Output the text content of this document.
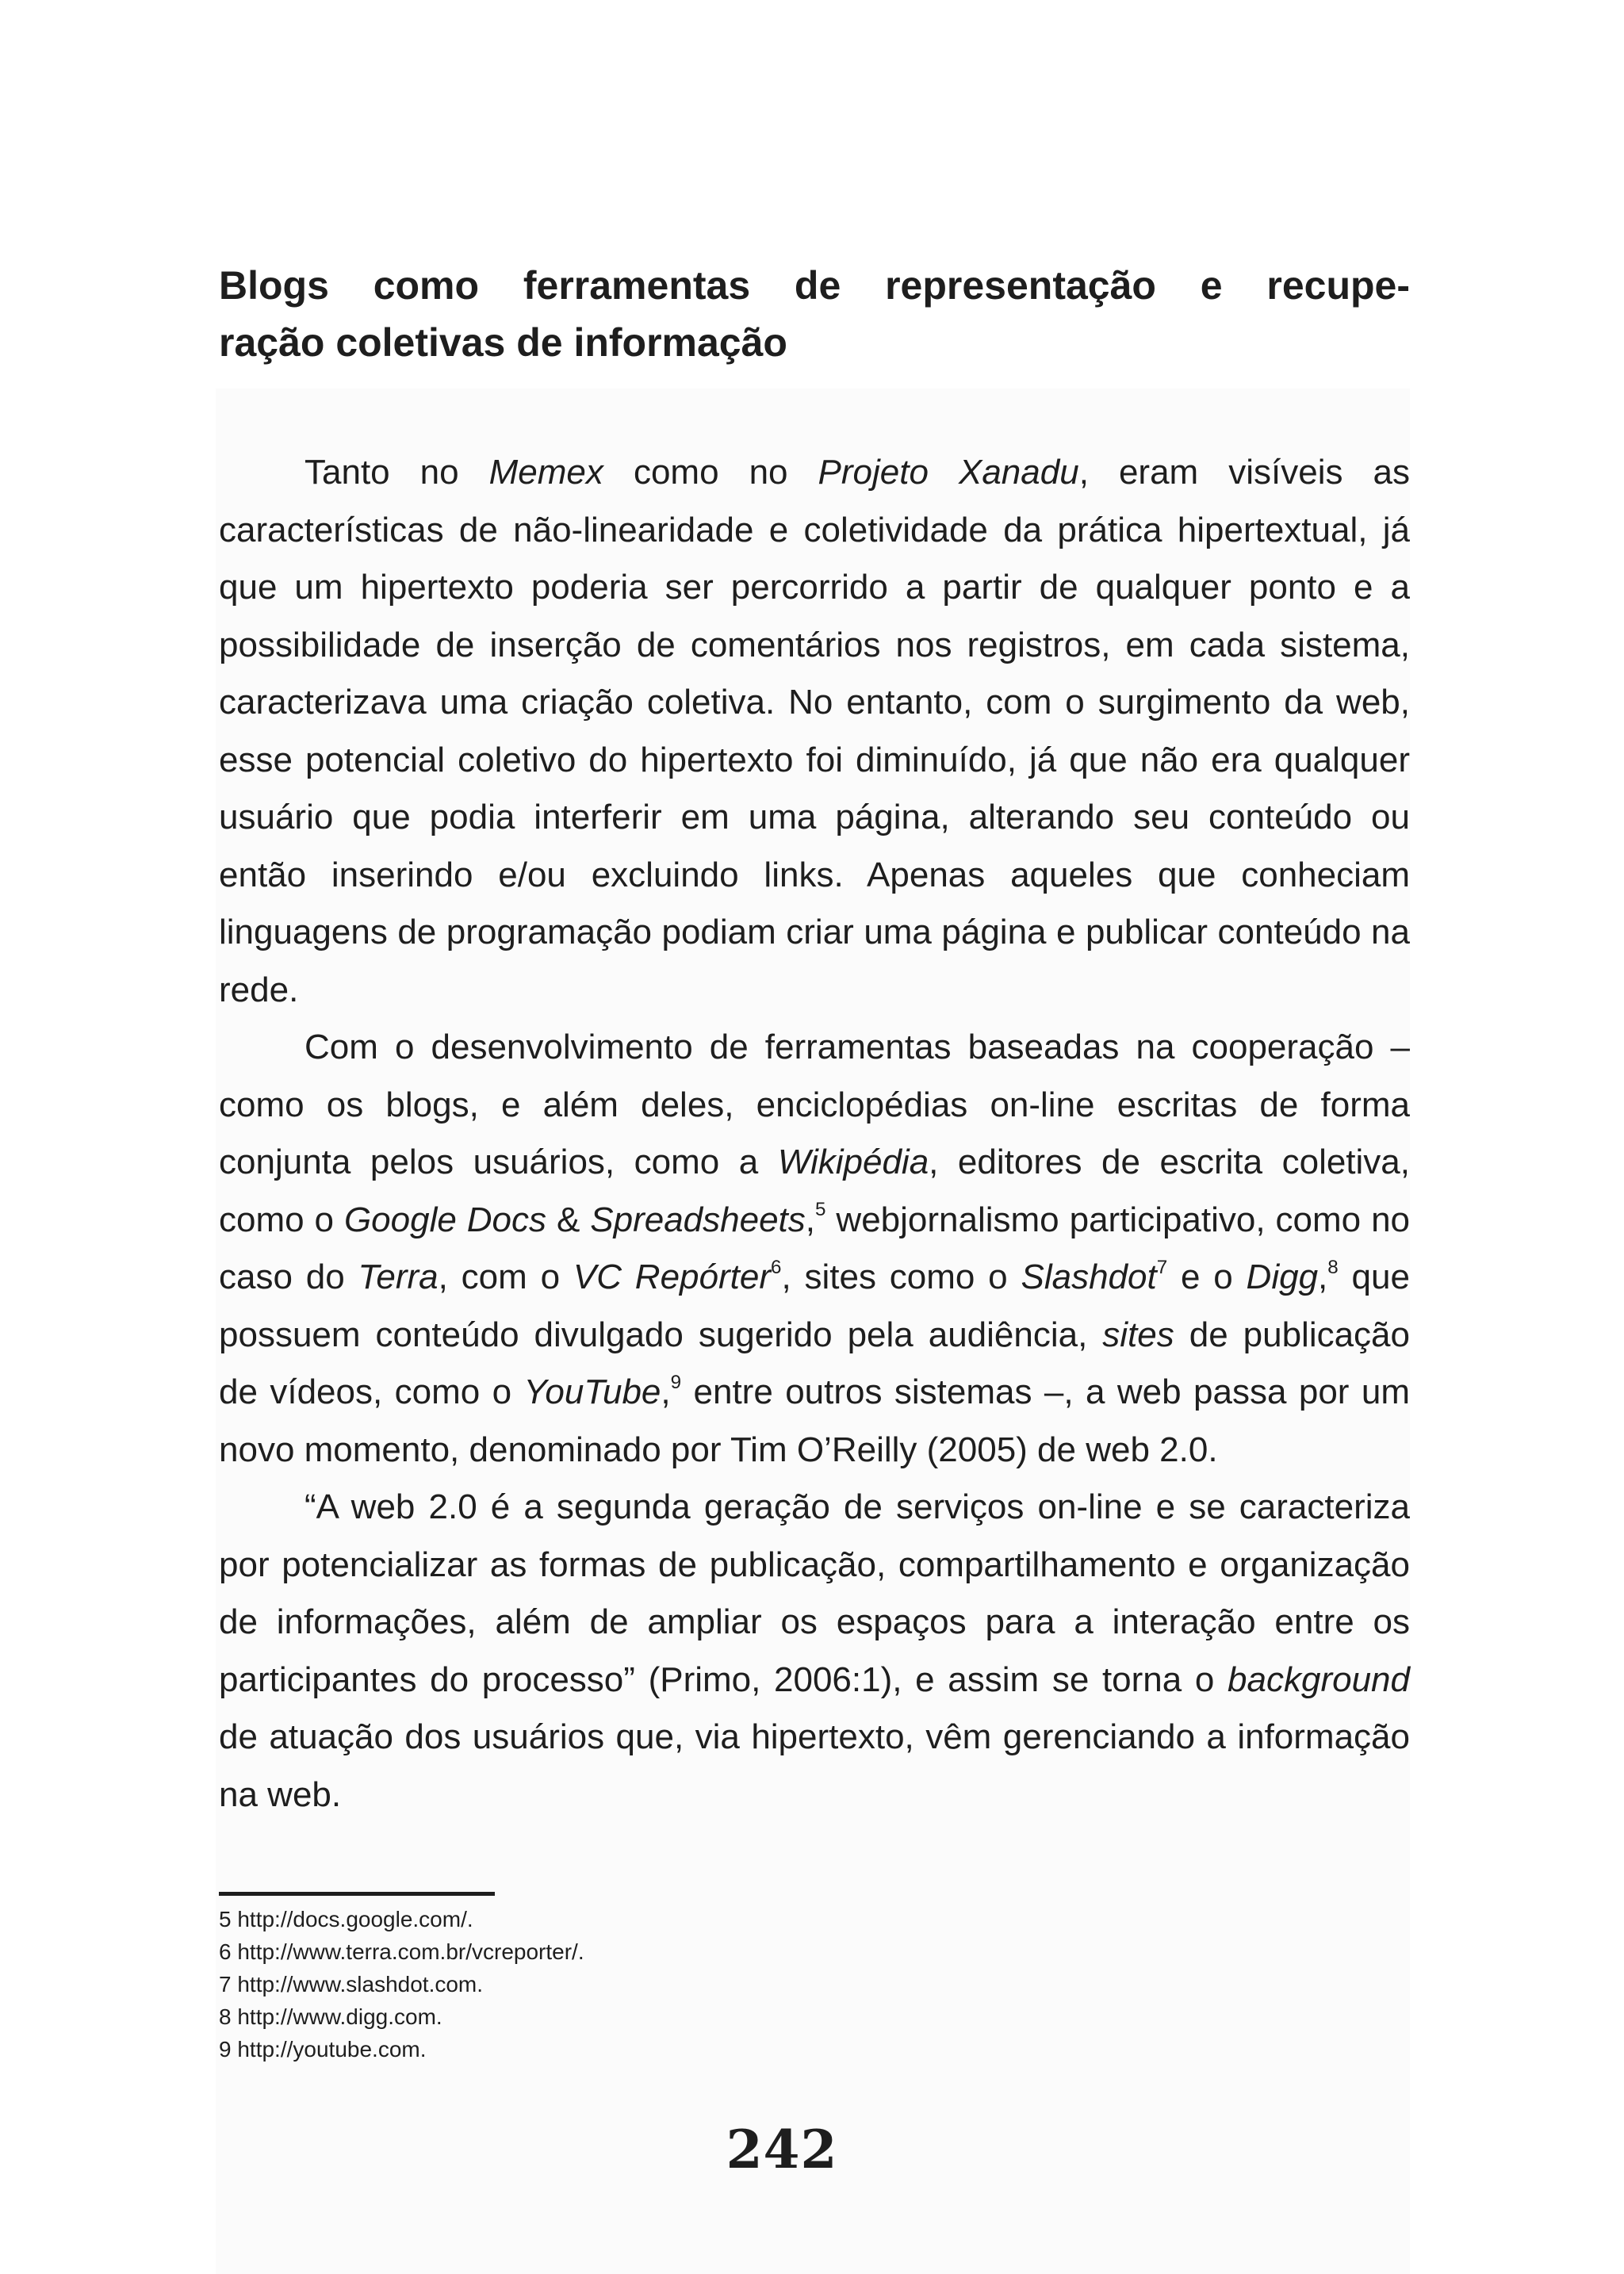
Blogs como ferramentas de representação e recupe-
ração coletivas de informação

Tanto no Memex como no Projeto Xanadu, eram visíveis as características de não-linearidade e coletividade da prática hipertextual, já que um hipertexto poderia ser percorrido a partir de qualquer ponto e a possibilidade de inserção de comentários nos registros, em cada sistema, caracterizava uma criação coletiva. No entanto, com o surgimento da web, esse potencial coletivo do hipertexto foi diminuído, já que não era qualquer usuário que podia interferir em uma página, alterando seu conteúdo ou então inserindo e/ou excluindo links. Apenas aqueles que conheciam linguagens de programação podiam criar uma página e publicar conteúdo na rede.

Com o desenvolvimento de ferramentas baseadas na cooperação – como os blogs, e além deles, enciclopédias on-line escritas de forma conjunta pelos usuários, como a Wikipédia, editores de escrita coletiva, como o Google Docs & Spreadsheets,$^5$ webjornalismo participativo, como no caso do Terra, com o VC Repórter$^6$, sites como o Slashdot$^7$ e o Digg,$^8$ que possuem conteúdo divulgado sugerido pela audiência, sites de publicação de vídeos, como o YouTube,$^9$ entre outros sistemas –, a web passa por um novo momento, denominado por Tim O’Reilly (2005) de web 2.0.

“A web 2.0 é a segunda geração de serviços on-line e se caracteriza por potencializar as formas de publicação, compartilhamento e organização de informações, além de ampliar os espaços para a interação entre os participantes do processo” (Primo, 2006:1), e assim se torna o background de atuação dos usuários que, via hipertexto, vêm gerenciando a informação na web.

5 http://docs.google.com/.
6 http://www.terra.com.br/vcreporter/.
7 http://www.slashdot.com.
8 http://www.digg.com.
9 http://youtube.com.
242
